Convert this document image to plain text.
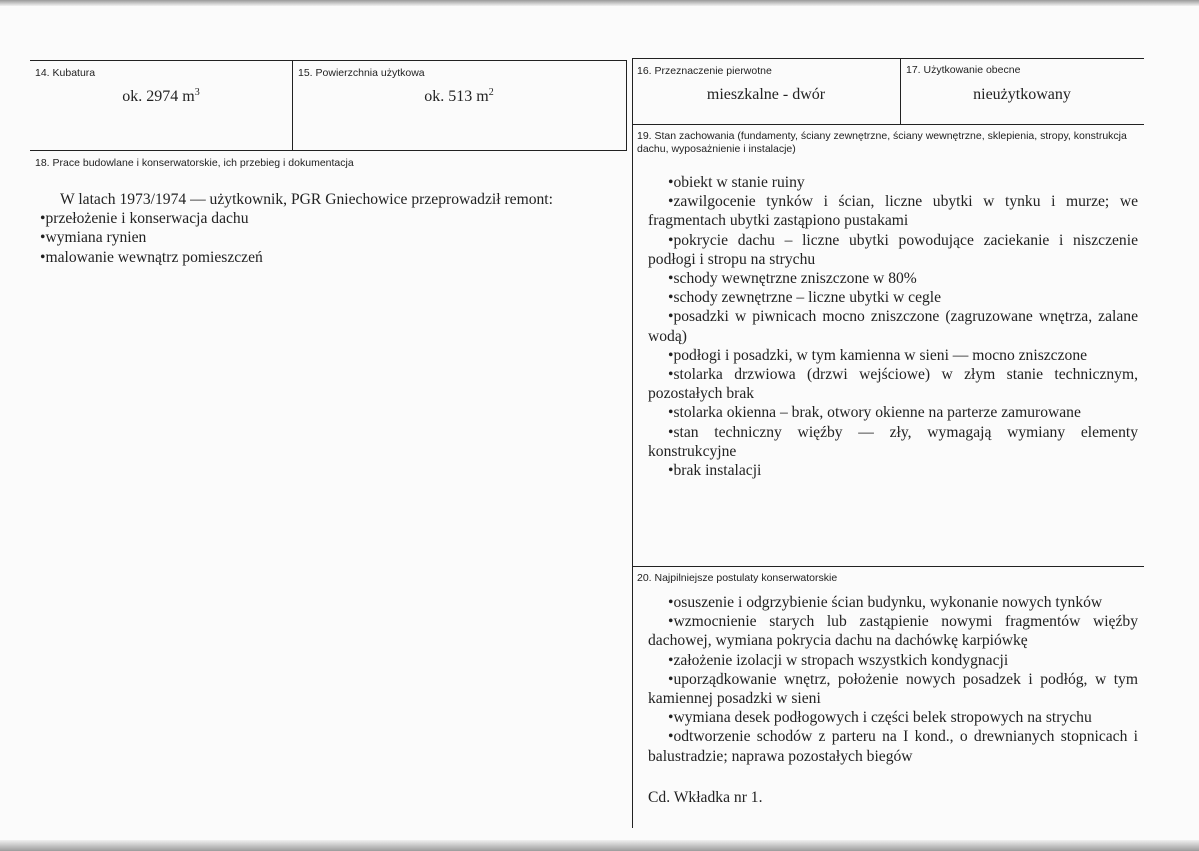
14. Kubatura
ok. 2974 $m^3$
15. Powierzchnia użytkowa
ok. 513 $m^2$
16. Przeznaczenie pierwotne
mieszkalne - dwór
17. Użytkowanie obecne
nieużytkowany
18. Prace budowlane i konserwatorskie, ich przebieg i dokumentacja

W latach 1973/1974 — użytkownik, PGR Gniechowice przeprowadził remont:

•przełożenie i konserwacja dachu

•wymiana rynien

•malowanie wewnątrz pomieszczeń

19. Stan zachowania (fundamenty, ściany zewnętrzne, ściany wewnętrzne, sklepienia, stropy, konstrukcja dachu, wyposażnienie i instalacje)

•obiekt w stanie ruiny

•zawilgocenie tynków i ścian, liczne ubytki w tynku i murze; we fragmentach ubytki zastąpiono pustakami

•pokrycie dachu – liczne ubytki powodujące zaciekanie i niszczenie podłogi i stropu na strychu

•schody wewnętrzne zniszczone w 80%

•schody zewnętrzne – liczne ubytki w cegle

•posadzki w piwnicach mocno zniszczone (zagruzowane wnętrza, zalane wodą)

•podłogi i posadzki, w tym kamienna w sieni — mocno zniszczone

•stolarka drzwiowa (drzwi wejściowe) w złym stanie technicznym, pozostałych brak

•stolarka okienna – brak, otwory okienne na parterze zamurowane

•stan techniczny więźby — zły, wymagają wymiany elementy konstrukcyjne

•brak instalacji

20. Najpilniejsze postulaty konserwatorskie

•osuszenie i odgrzybienie ścian budynku, wykonanie nowych tynków

•wzmocnienie starych lub zastąpienie nowymi fragmentów więźby dachowej, wymiana pokrycia dachu na dachówkę karpiówkę

•założenie izolacji w stropach wszystkich kondygnacji

•uporządkowanie wnętrz, położenie nowych posadzek i podłóg, w tym kamiennej posadzki w sieni

•wymiana desek podłogowych i części belek stropowych na strychu

•odtworzenie schodów z parteru na I kond., o drewnianych stopnicach i balustradzie; naprawa pozostałych biegów

Cd. Wkładka nr 1.
